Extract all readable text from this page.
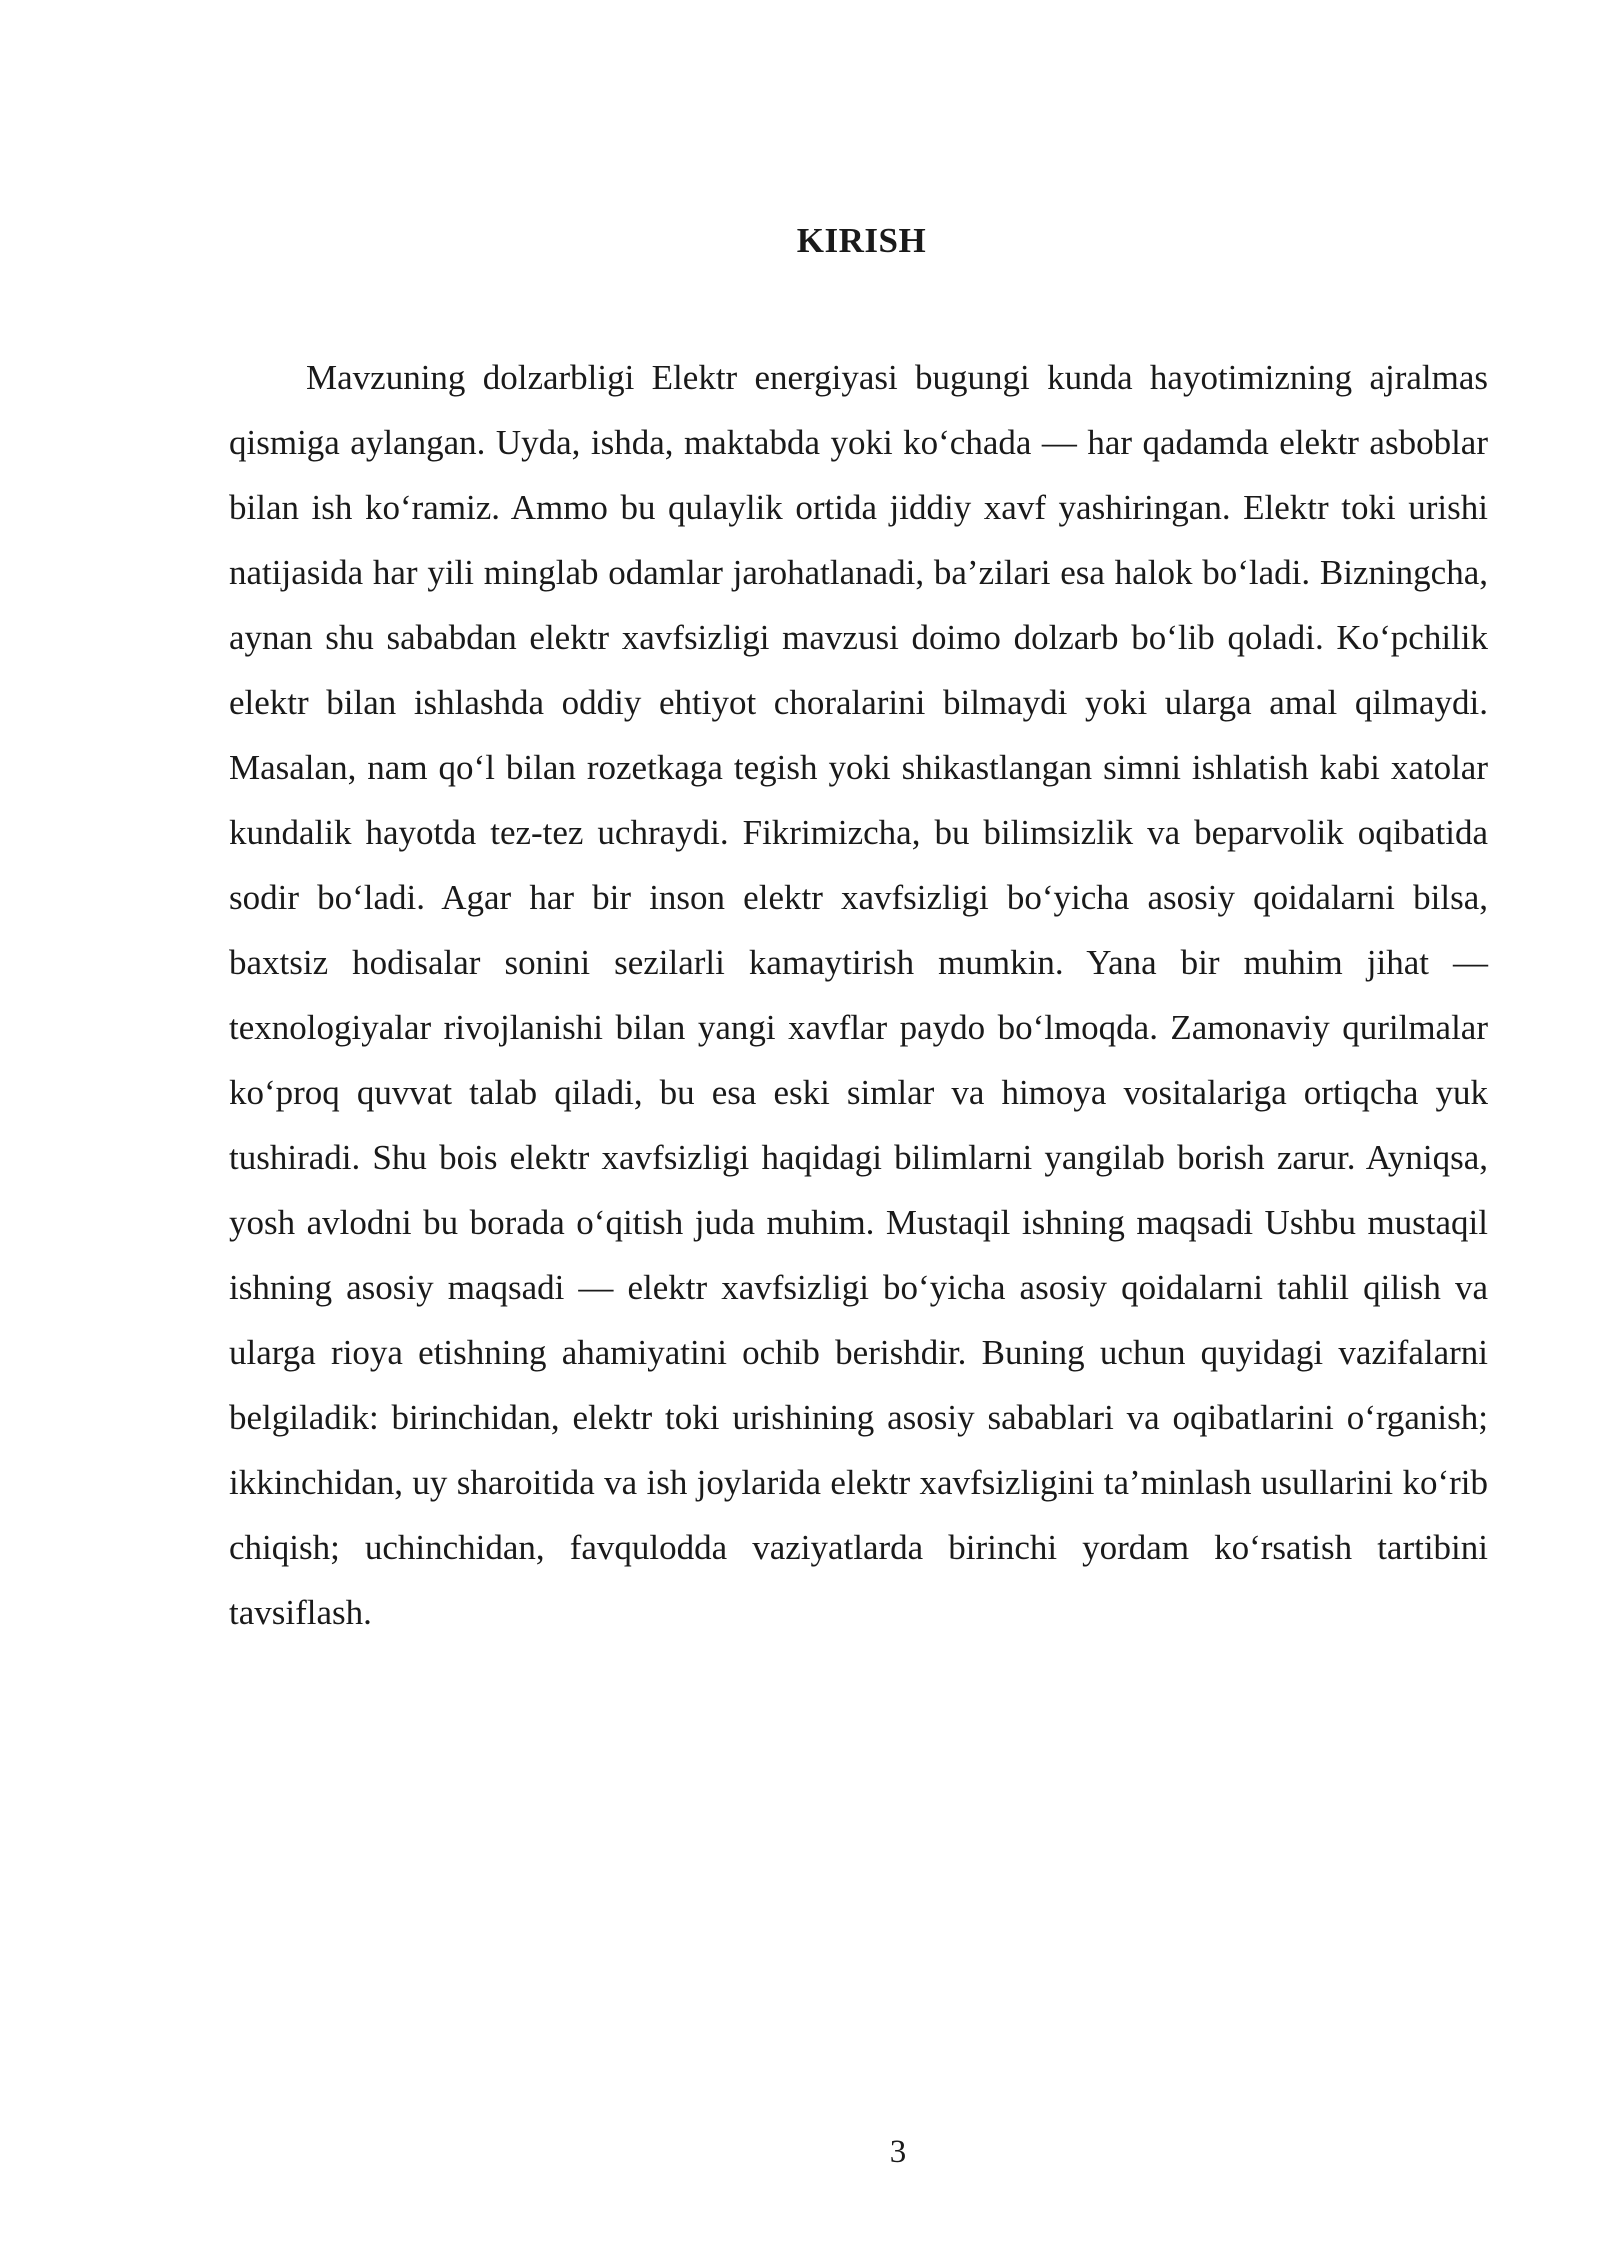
KIRISH

Mavzuning dolzarbligi Elektr energiyasi bugungi kunda hayotimizning ajralmas qismiga aylangan. Uyda, ishda, maktabda yoki ko‘chada — har qadamda elektr asboblar bilan ish ko‘ramiz. Ammo bu qulaylik ortida jiddiy xavf yashiringan. Elektr toki urishi natijasida har yili minglab odamlar jarohatlanadi, ba’zilari esa halok bo‘ladi. Bizningcha, aynan shu sababdan elektr xavfsizligi mavzusi doimo dolzarb bo‘lib qoladi. Ko‘pchilik elektr bilan ishlashda oddiy ehtiyot choralarini bilmaydi yoki ularga amal qilmaydi. Masalan, nam qo‘l bilan rozetkaga tegish yoki shikastlangan simni ishlatish kabi xatolar kundalik hayotda tez-tez uchraydi. Fikrimizcha, bu bilimsizlik va beparvolik oqibatida sodir bo‘ladi. Agar har bir inson elektr xavfsizligi bo‘yicha asosiy qoidalarni bilsa, baxtsiz hodisalar sonini sezilarli kamaytirish mumkin. Yana bir muhim jihat — texnologiyalar rivojlanishi bilan yangi xavflar paydo bo‘lmoqda. Zamonaviy qurilmalar ko‘proq quvvat talab qiladi, bu esa eski simlar va himoya vositalariga ortiqcha yuk tushiradi. Shu bois elektr xavfsizligi haqidagi bilimlarni yangilab borish zarur. Ayniqsa, yosh avlodni bu borada o‘qitish juda muhim. Mustaqil ishning maqsadi Ushbu mustaqil ishning asosiy maqsadi — elektr xavfsizligi bo‘yicha asosiy qoidalarni tahlil qilish va ularga rioya etishning ahamiyatini ochib berishdir. Buning uchun quyidagi vazifalarni belgiladik: birinchidan, elektr toki urishining asosiy sabablari va oqibatlarini o‘rganish; ikkinchidan, uy sharoitida va ish joylarida elektr xavfsizligini ta’minlash usullarini ko‘rib chiqish; uchinchidan, favqulodda vaziyatlarda birinchi yordam ko‘rsatish tartibini tavsiflash.

3
